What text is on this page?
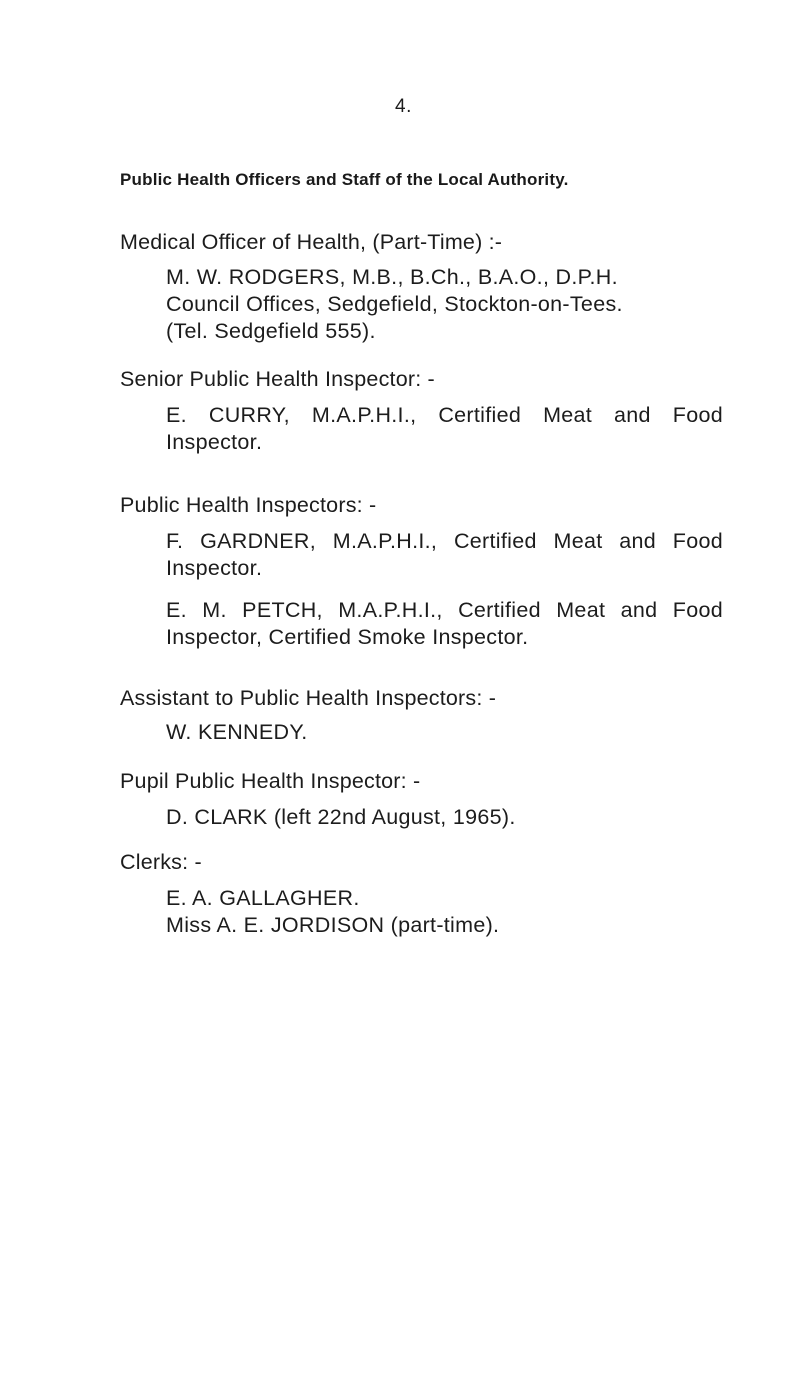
4.
Public Health Officers and Staff of the Local Authority.
Medical Officer of Health, (Part-Time) :-
M. W. RODGERS, M.B., B.Ch., B.A.O., D.P.H.
Council Offices, Sedgefield, Stockton-on-Tees.
(Tel. Sedgefield 555).
Senior Public Health Inspector: -
E. CURRY, M.A.P.H.I., Certified Meat and Food
Inspector.
Public Health Inspectors: -
F. GARDNER, M.A.P.H.I., Certified Meat and Food
Inspector.
E. M. PETCH, M.A.P.H.I., Certified Meat and Food
Inspector, Certified Smoke Inspector.
Assistant to Public Health Inspectors: -
W. KENNEDY.
Pupil Public Health Inspector: -
D. CLARK (left 22nd August, 1965).
Clerks: -
E. A. GALLAGHER.
Miss A. E. JORDISON (part-time).
